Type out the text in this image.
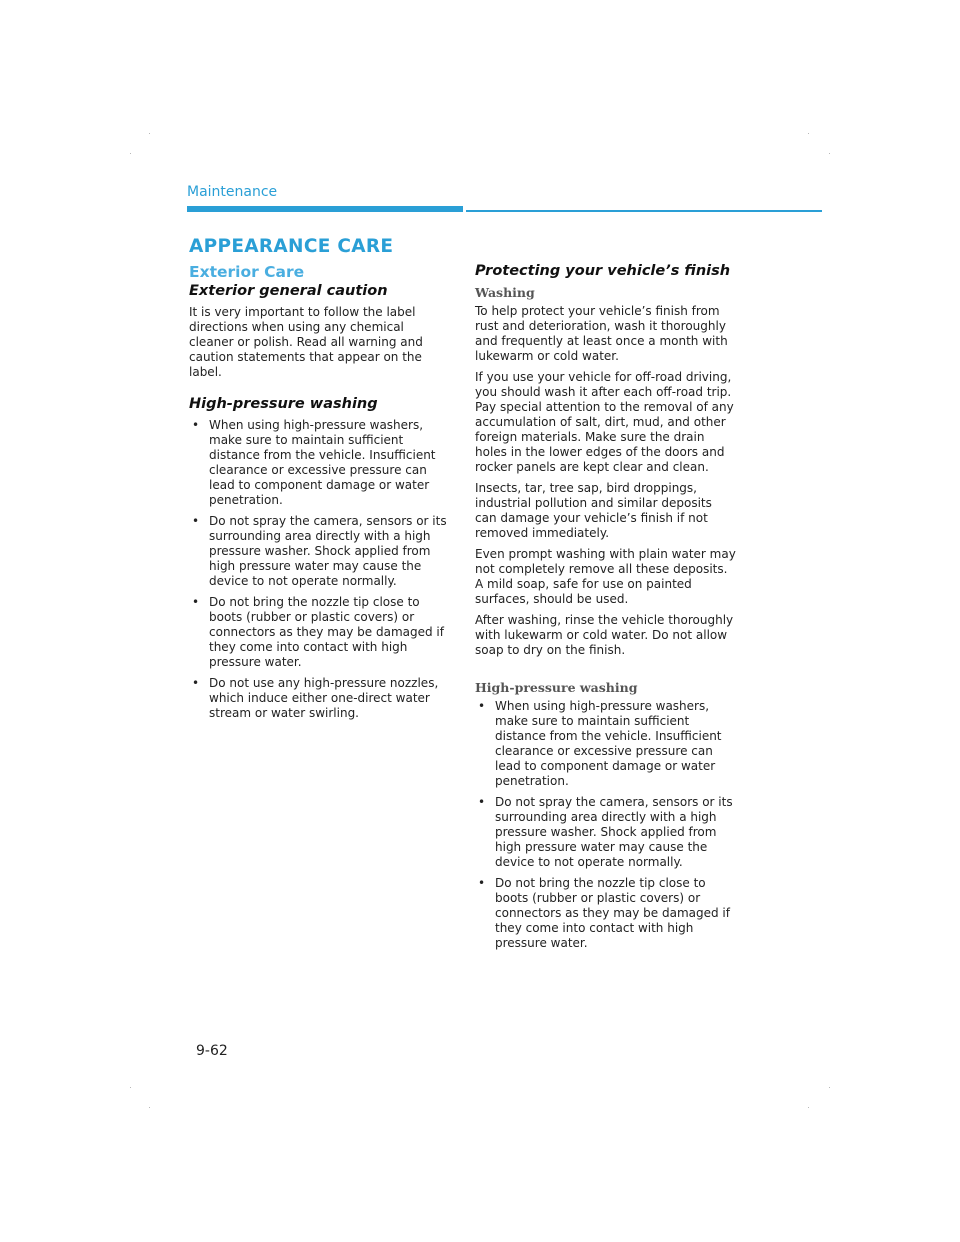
Maintenance
APPEARANCE CARE
Exterior Care
Exterior general caution

It is very important to follow the label directions when using any chemical cleaner or polish. Read all warning and caution statements that appear on the label.

High-pressure washing
• When using high-pressure washers, make sure to maintain sufficient distance from the vehicle. Insufficient clearance or excessive pressure can lead to component damage or water penetration.
• Do not spray the camera, sensors or its surrounding area directly with a high pressure washer. Shock applied from high pressure water may cause the device to not operate normally.
• Do not bring the nozzle tip close to boots (rubber or plastic covers) or connectors as they may be damaged if they come into contact with high pressure water.
• Do not use any high-pressure nozzles, which induce either one-direct water stream or water swirling.
Protecting your vehicle’s finish
Washing

To help protect your vehicle’s finish from rust and deterioration, wash it thoroughly and frequently at least once a month with lukewarm or cold water.

If you use your vehicle for off-road driving, you should wash it after each off-road trip. Pay special attention to the removal of any accumulation of salt, dirt, mud, and other foreign materials. Make sure the drain holes in the lower edges of the doors and rocker panels are kept clear and clean.

Insects, tar, tree sap, bird droppings, industrial pollution and similar deposits can damage your vehicle’s finish if not removed immediately.

Even prompt washing with plain water may not completely remove all these deposits. A mild soap, safe for use on painted surfaces, should be used.

After washing, rinse the vehicle thoroughly with lukewarm or cold water. Do not allow soap to dry on the finish.

High-pressure washing
• When using high-pressure washers, make sure to maintain sufficient distance from the vehicle. Insufficient clearance or excessive pressure can lead to component damage or water penetration.
• Do not spray the camera, sensors or its surrounding area directly with a high pressure washer. Shock applied from high pressure water may cause the device to not operate normally.
• Do not bring the nozzle tip close to boots (rubber or plastic covers) or connectors as they may be damaged if they come into contact with high pressure water.
9-62
